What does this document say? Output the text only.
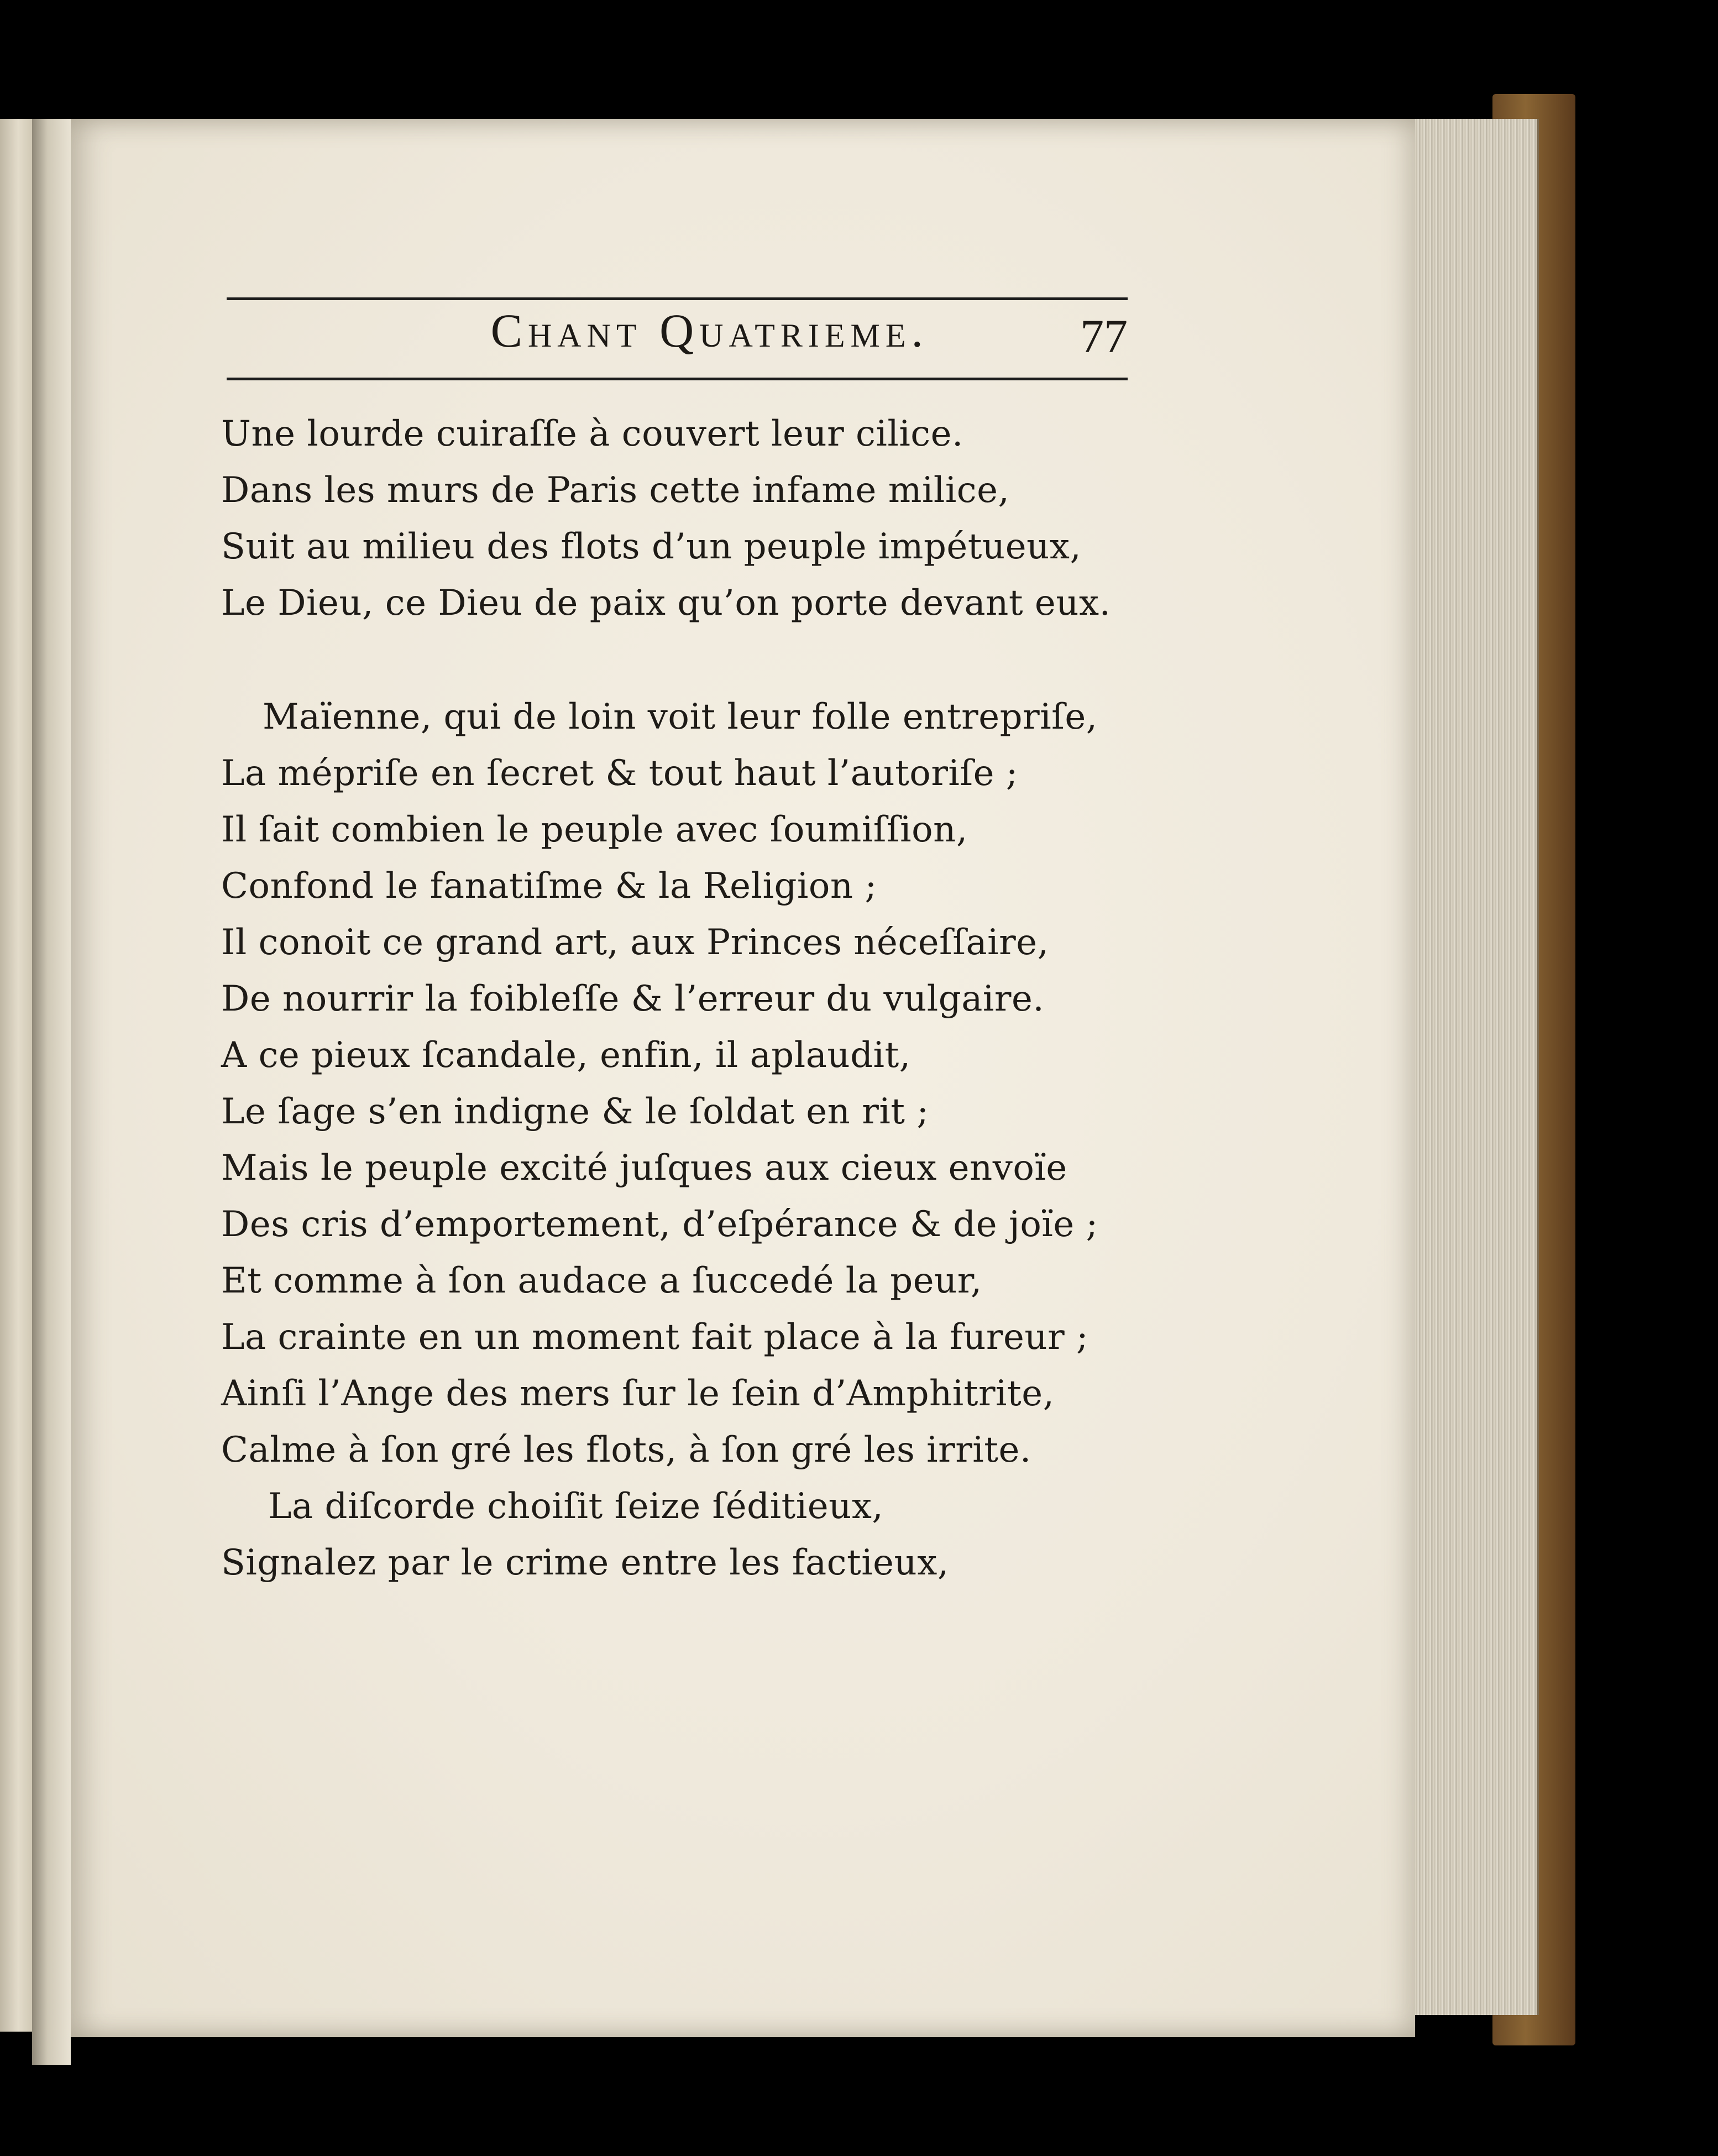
Chant Quatrieme.	77
Une lourde cuiraſſe à couvert leur cilice.
Dans les murs de Paris cette infame milice,
Suit au milieu des flots d’un peuple impétueux,
Le Dieu, ce Dieu de paix qu’on porte devant eux.
Maïenne, qui de loin voit leur folle entrepriſe,
La mépriſe en ſecret & tout haut l’autoriſe ;
Il ſait combien le peuple avec ſoumiſſion,
Confond le fanatiſme & la Religion ;
Il conoit ce grand art, aux Princes néceſſaire,
De nourrir la foibleſſe & l’erreur du vulgaire.
A ce pieux ſcandale, enfin, il aplaudit,
Le ſage s’en indigne & le ſoldat en rit ;
Mais le peuple excité juſques aux cieux envoïe
Des cris d’emportement, d’eſpérance & de joïe ;
Et comme à ſon audace a ſuccedé la peur,
La crainte en un moment fait place à la fureur ;
Ainſi l’Ange des mers ſur le ſein d’Amphitrite,
Calme à ſon gré les flots, à ſon gré les irrite.
La diſcorde choiſit ſeize ſéditieux,
Signalez par le crime entre les factieux,
